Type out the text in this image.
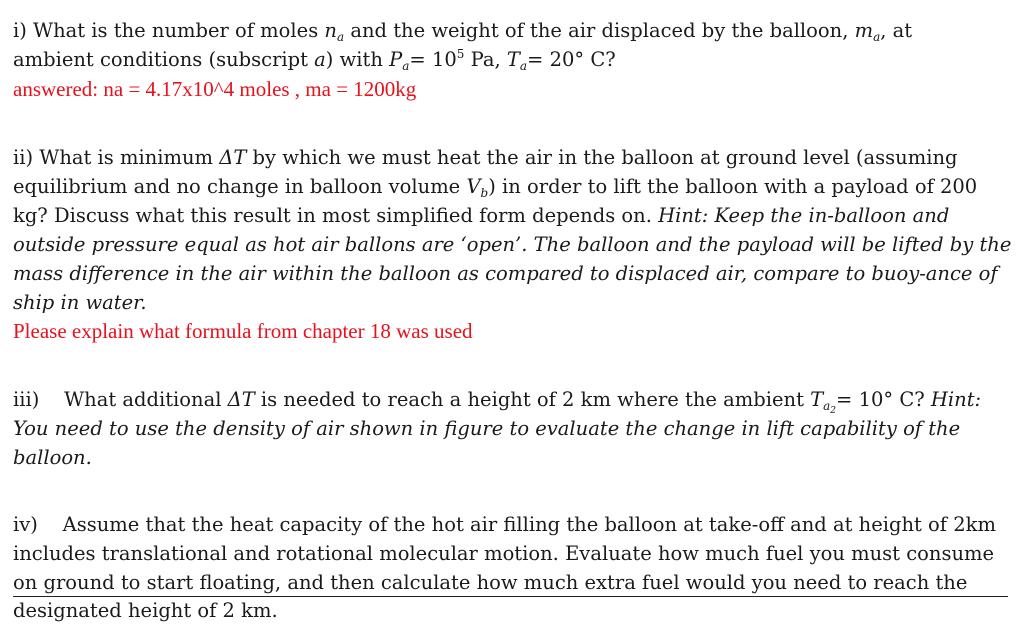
i) What is the number of moles $n_a$ and the weight of the air displaced by the balloon, $m_a$, at
ambient conditions (subscript a) with $P_a= 10^5$ Pa, $T_a= 20^\circ$ C?
answered: na = 4.17x10^4 moles , ma = 1200kg
ii) What is minimum ΔT by which we must heat the air in the balloon at ground level (assuming
equilibrium and no change in balloon volume $V_b$) in order to lift the balloon with a payload of 200
kg? Discuss what this result in most simplified form depends on. Hint: Keep the in-balloon and
outside pressure equal as hot air ballons are ‘open’. The balloon and the payload will be lifted by the
mass difference in the air within the balloon as compared to displaced air, compare to buoy-ance of
ship in water.
Please explain what formula from chapter 18 was used
iii)    What additional ΔT is needed to reach a height of 2 km where the ambient $T_{a_2}= 10^\circ$ C? Hint:
You need to use the density of air shown in figure to evaluate the change in lift capability of the
balloon.
iv)    Assume that the heat capacity of the hot air filling the balloon at take-off and at height of 2km
includes translational and rotational molecular motion. Evaluate how much fuel you must consume
on ground to start floating, and then calculate how much extra fuel would you need to reach the
designated height of 2 km.
